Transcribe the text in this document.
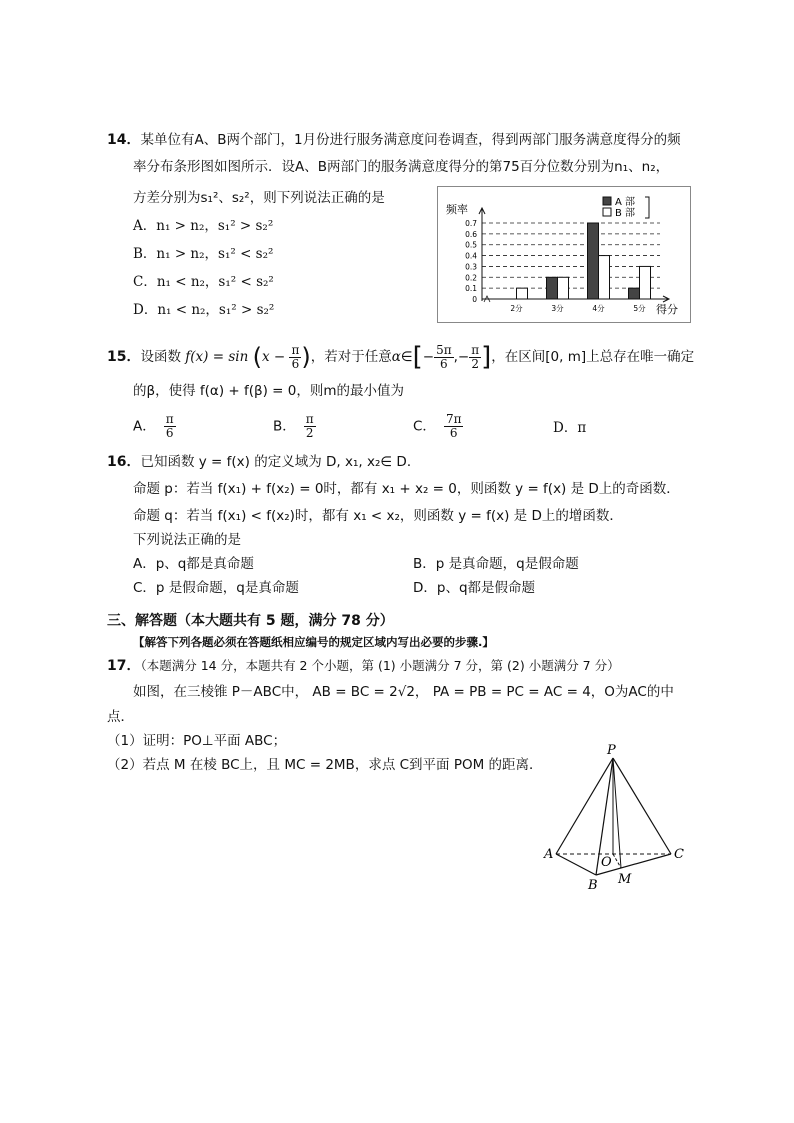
14．某单位有A、B两个部门，1月份进行服务满意度问卷调查，得到两部门服务满意度得分的频
率分布条形图如图所示．设A、B两部门的服务满意度得分的第75百分位数分别为n₁、n₂，
方差分别为s₁²、s₂²，则下列说法正确的是
A．n₁ > n₂，s₁² > s₂²
B．n₁ > n₂，s₁² < s₂²
C．n₁ < n₂，s₁² < s₂²
D．n₁ < n₂，s₁² > s₂²
0
0.1
0.2
0.3
0.4
0.5
0.6
0.7
频率
得分
2分	3分	4分	5分
A 部
B 部
15．设函数 $f(x) = \sin (x - \frac{\pi}{6}$ )，若对于任意α∈[− $\frac{5\pi}{6}$ ,− $\frac{\pi}{2}$ ]，在区间[0, m]上总存在唯一确定
的β，使得 f(α) + f(β) = 0，则m的最小值为
A． $\frac{\pi}{6}$	B． $\frac{\pi}{2}$	C． $\frac{7\pi}{6}$	D．π
16．已知函数 y = f(x) 的定义域为 D, x₁, x₂∈ D．
命题 p：若当 f(x₁) + f(x₂) = 0时，都有 x₁ + x₂ = 0，则函数 y = f(x) 是 D上的奇函数．
命题 q：若当 f(x₁) < f(x₂)时，都有 x₁ < x₂，则函数 y = f(x) 是 D上的增函数．
下列说法正确的是
A．p、q都是真命题	B．p 是真命题，q是假命题
C．p 是假命题，q是真命题	D．p、q都是假命题
三、解答题（本大题共有 5 题，满分 78 分）
【解答下列各题必须在答题纸相应编号的规定区域内写出必要的步骤.】
17．（本题满分 14 分，本题共有 2 个小题，第 (1) 小题满分 7 分，第 (2) 小题满分 7 分）
如图，在三棱锥 P－ABC中， AB = BC = 2√2， PA = PB = PC = AC = 4，O为AC的中
点．
（1）证明：PO⊥平面 ABC；
（2）若点 M 在棱 BC上，且 MC = 2MB，求点 C到平面 POM 的距离．
P
A	C
B
O
M
